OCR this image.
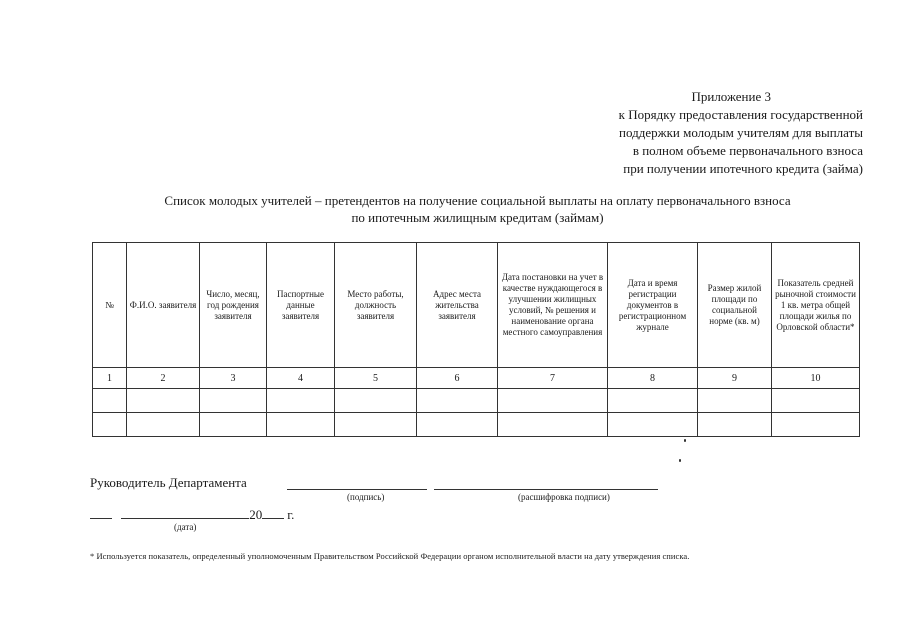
Приложение 3
к Порядку предоставления государственной
поддержки молодым учителям для выплаты
в полном объеме первоначального взноса
при получении ипотечного кредита (займа)
Список молодых учителей – претендентов на получение социальной выплаты на оплату первоначального взноса
по ипотечным жилищным кредитам (займам)
№	Ф.И.О. заявителя	Число, месяц, год рождения заявителя	Паспортные данные заявителя	Место работы, должность заявителя	Адрес места жительства заявителя	Дата постановки на учет в качестве нуждающегося в улучшении жилищных условий, № решения и наименование органа местного самоуправления	Дата и время регистрации документов в регистрационном журнале	Размер жилой площади по социальной норме (кв. м)	Показатель средней рыночной стоимости 1 кв. метра общей площади жилья по Орловской области*
1	2	3	4	5	6	7	8	9	10

Руководитель Департамента
(подпись)	(расшифровка подписи)
20 г.
(дата)
* Используется показатель, определенный уполномоченным Правительством Российской Федерации органом исполнительной власти на дату утверждения списка.
